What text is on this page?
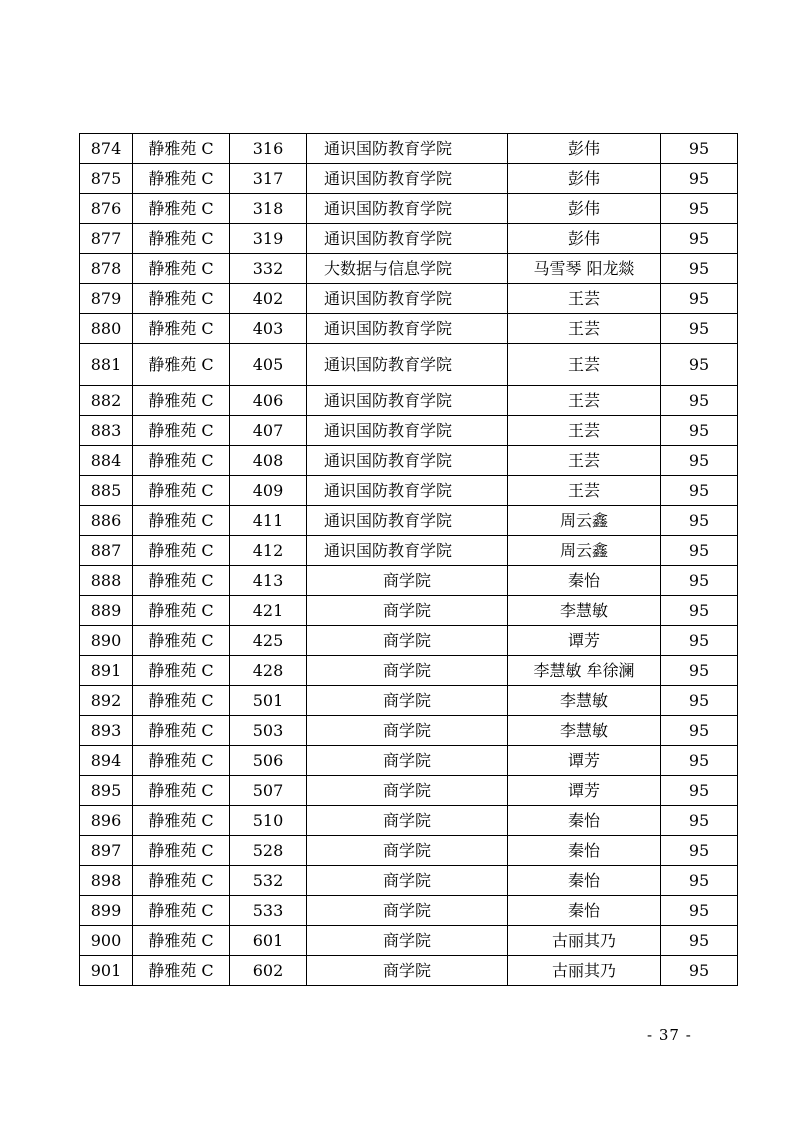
874	静雅苑 C	316	通识国防教育学院	彭伟	95
875	静雅苑 C	317	通识国防教育学院	彭伟	95
876	静雅苑 C	318	通识国防教育学院	彭伟	95
877	静雅苑 C	319	通识国防教育学院	彭伟	95
878	静雅苑 C	332	大数据与信息学院	马雪琴 阳龙燚	95
879	静雅苑 C	402	通识国防教育学院	王芸	95
880	静雅苑 C	403	通识国防教育学院	王芸	95
881	静雅苑 C	405	通识国防教育学院	王芸	95
882	静雅苑 C	406	通识国防教育学院	王芸	95
883	静雅苑 C	407	通识国防教育学院	王芸	95
884	静雅苑 C	408	通识国防教育学院	王芸	95
885	静雅苑 C	409	通识国防教育学院	王芸	95
886	静雅苑 C	411	通识国防教育学院	周云鑫	95
887	静雅苑 C	412	通识国防教育学院	周云鑫	95
888	静雅苑 C	413	商学院	秦怡	95
889	静雅苑 C	421	商学院	李慧敏	95
890	静雅苑 C	425	商学院	谭芳	95
891	静雅苑 C	428	商学院	李慧敏 牟徐澜	95
892	静雅苑 C	501	商学院	李慧敏	95
893	静雅苑 C	503	商学院	李慧敏	95
894	静雅苑 C	506	商学院	谭芳	95
895	静雅苑 C	507	商学院	谭芳	95
896	静雅苑 C	510	商学院	秦怡	95
897	静雅苑 C	528	商学院	秦怡	95
898	静雅苑 C	532	商学院	秦怡	95
899	静雅苑 C	533	商学院	秦怡	95
900	静雅苑 C	601	商学院	古丽其乃	95
901	静雅苑 C	602	商学院	古丽其乃	95
- 37 -
